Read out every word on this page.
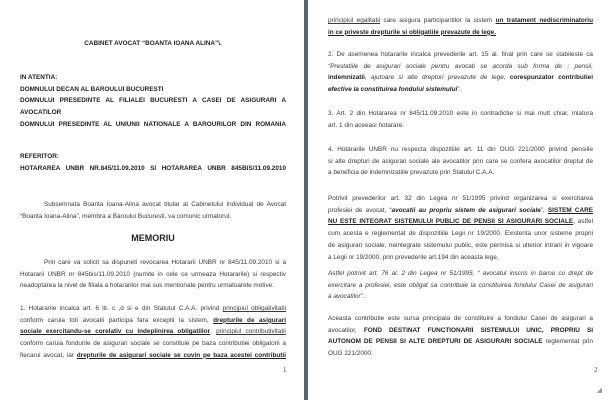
CABINET AVOCAT “BOANTA IOANA ALINA”\.
IN ATENTIA:
DOMNULUI DECAN AL BAROULUI BUCURESTI
DOMNULUI PRESEDINTE AL FILIALEI BUCURESTI A CASEI DE ASIGURARI A
AVOCATILOR
DOMNULUI PRESEDINTE AL UNIUNII NATIONALE A BAROURILOR DIN ROMANIA
REFERITOR:
HOTARAREA UNBR NR.845/11.09.2010 SI HOTARAREA UNBR 845BIS/11.09.2010
Subsemnata Boanta Ioana-Alina avocat titular al Cabinetului Individual de Avocat
“Boanta Ioana-Alina”, membra a Baroului Bucuresti, va comunic urmatorul:
MEMORIU
Prin care va solicit sa dispuneti revocarea Hotararii UNBR nr 845/11.09.2010 si a
Hotararii UNBR nr 845bis/11.09.2010 (numite in cele ce urmeaza Hotararile) si respectiv
neadoptarea la nivel de filiala a hotararilor mai sus mentionate pentru urmatoarele motive:
1. Hotararile incalca art. 6 lit. c ,d si e din Statutul C.A.A. privind principiul obligativitatii
conform caruia toti avocatii participa fara exceptii la sistem, drepturile de asigurari
sociale exercitandu-se corelativ cu indeplinirea obligatiilor, principiul contributivitatii
conform caruia fondurile de asigurari sociale se constituie pe baza contributiei obligatorii a
fiecarui avocat, iar drepturile de asigurari sociale se cuvin pe baza acestei contributii
1
principiul egalitatii care asigura participantilor la sistem un tratament nediscriminatoriu
in ce priveste drepturile si obligatiile prevazute de lege.
2. De asemenea hotararile incalca prevederile art. 15 al. final prin care se stabileste ca
“Prestatiile de asigurari sociale pentru avocati se acorda sub forma de : pensii,
indemnizatii, ajutoare si alte drepturi prevazute de lege, corespunzator contributiei
efective la constituirea fondului sistemului”.
3. Art. 2 din Hotararea nr 845/11.09.2010 este in contradictie si mai mult chiar, inlatura
art. 1 din aceeasi hotarare.
4. Hotararile UNBR nu respecta dispozitiile art. 11 din OUG 221/2000 privind pensiile
si alte drepturi de asigurari sociale ale avocatilor prin care se confera avocatilor dreptul de
a beneficia de indemnizatiile prevazute prin Statutul C.A.A.
Potrivit prevederilor art. 32 din Legea nr 51/1995 privind organizarea si exercitarea
profesiei de avocat, “avocatii au propriu sistem de asigurari sociale”, SISTEM CARE
NU ESTE INTEGRAT SISTEMULUI PUBLIC DE PENSII SI ASIGURARI SOCIALE, astfel
cum acesta e reglementat de dispozitiile Legii nr 19/2000. Existenta unor sisteme proprii
de asigurari sociale, neintegrate sistemului public, este permisa si ulterior intrarii in vigoare
a Legii nr 19/2000, prin prevederile art.194 din aceasta lege.
Astfel potrivit art. 76 al. 2 din Legea nr 51/1995, “ avocatul inscris in barou cu drept de
exercitare a profesiei, este obligat sa contribuie la constituirea fondului Casei de asigurari
a avocatilor”.
Aceasta contributie este sursa principala de constituire a fondului Casei de asigurari a
avocatilor, FOND DESTINAT FUNCTIONARII SISTEMULUI UNIC, PROPRIU SI
AUTONOM DE PENSII SI ALTE DREPTURI DE ASIGURARI SOCIALE reglementat prin
OUG 221/2000.
2
◢
